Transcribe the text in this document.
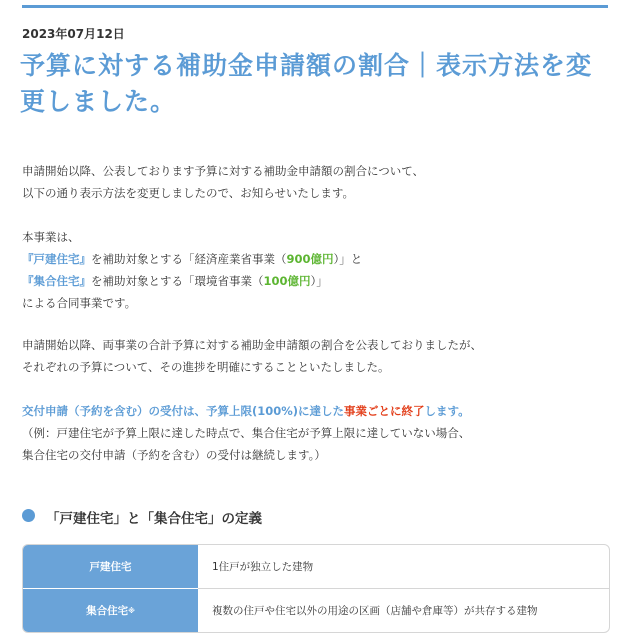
2023年07月12日
予算に対する補助金申請額の割合｜表示方法を変更しました。
申請開始以降、公表しております予算に対する補助金申請額の割合について、
以下の通り表示方法を変更しましたので、お知らせいたします。
本事業は、
『戸建住宅』を補助対象とする「経済産業省事業（900億円）」と
『集合住宅』を補助対象とする「環境省事業（100億円）」
による合同事業です。
申請開始以降、両事業の合計予算に対する補助金申請額の割合を公表しておりましたが、
それぞれの予算について、その進捗を明確にすることといたしました。
交付申請（予約を含む）の受付は、予算上限(100%)に達した事業ごとに終了します。
（例：戸建住宅が予算上限に達した時点で、集合住宅が予算上限に達していない場合、
集合住宅の交付申請（予約を含む）の受付は継続します。）
「戸建住宅」と「集合住宅」の定義
戸建住宅	1住戸が独立した建物
集合住宅 ※	複数の住戸や住宅以外の用途の区画（店舗や倉庫等）が共存する建物
